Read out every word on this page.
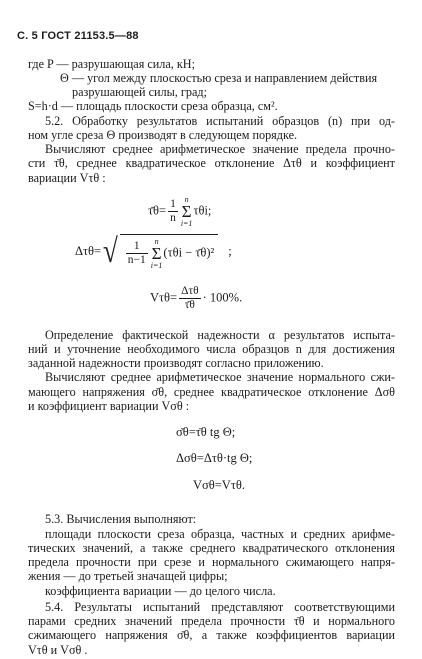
С. 5 ГОСТ 21153.5—88
где P — разрушающая сила, кН;
Θ — угол между плоскостью среза и направлением действия
разрушающей силы, град;
S=h·d — площадь плоскости среза образца, см².
5.2. Обработку результатов испытаний образцов (n) при од-
ном угле среза Θ производят в следующем порядке.
Вычисляют среднее арифметическое значение предела прочно-
сти τ̄θ, среднее квадратическое отклонение Δτθ и коэффициент
вариации Vτθ :
τ̄θ= $\frac{1}{n}$ n
Σ
i=1
τθi;
$\Delta\tau\theta=√ \frac{1}{n-1}$ n
Σ
i=1
(τθi − τ̄θ)² ;
$V\tau\theta= \frac{\text{Δτθ}}{\taū\theta} \cdot 100\%$.
Определение фактической надежности α результатов испыта-
ний и уточнение необходимого числа образцов n для достижения
заданной надежности производят согласно приложению.
Вычисляют среднее арифметическое значение нормального сжи-
мающего напряжения σ̄θ, среднее квадратическое отклонение Δσθ
и коэффициент вариации Vσθ :
σ̄θ=τ̄θ tg Θ;
Δσθ=Δτθ·tg Θ;
Vσθ=Vτθ.
5.3. Вычисления выполняют:
площади плоскости среза образца, частных и средних арифме-
тических значений, а также среднего квадратического отклонения
предела прочности при срезе и нормального сжимающего напря-
жения — до третьей значащей цифры;
коэффициента вариации — до целого числа.
5.4. Результаты испытаний представляют соответствующими
парами средних значений предела прочности τ̄θ и нормального
сжимающего напряжения σ̄θ, а также коэффициентов вариации
Vτθ и Vσθ .
